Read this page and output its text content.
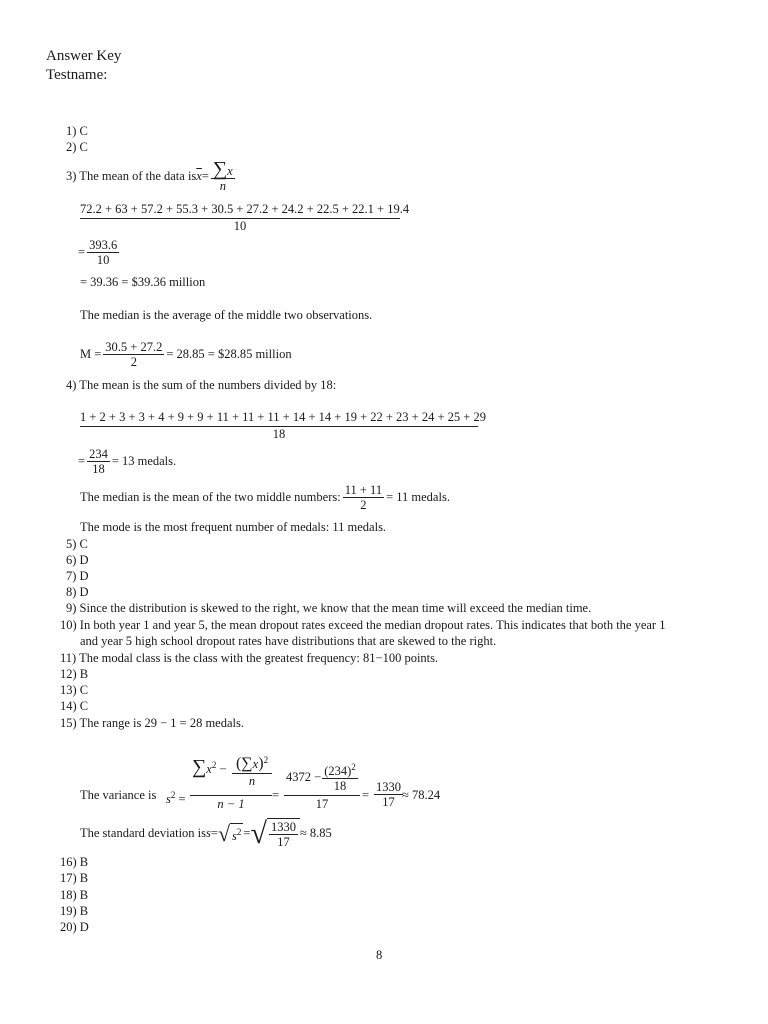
Answer Key
Testname:
1) C
2) C
3) The mean of the data is $\overline{x} = \frac{\sum x}{n}$
72.2 + 63 + 57.2 + 55.3 + 30.5 + 27.2 + 24.2 + 22.5 + 22.1 + 19.4
10
= $\frac{393.6}{10}$
= 39.36 = $39.36 million
The median is the average of the middle two observations.
$M = \frac{30.5 + 27.2}{2} = 28.85$ = $28.85 million
4) The mean is the sum of the numbers divided by 18:
1 + 2 + 3 + 3 + 4 + 9 + 9 + 11 + 11 + 11 + 14 + 14 + 19 + 22 + 23 + 24 + 25 + 29
18
= $\frac{234}{18} = 13$ medals.
The median is the mean of the two middle numbers: $\frac{11 + 11}{2} = 11$ medals.
The mode is the most frequent number of medals: 11 medals.
5) C
6) D
7) D
8) D
9) Since the distribution is skewed to the right, we know that the mean time will exceed the median time.
10) In both year 1 and year 5, the mean dropout rates exceed the median dropout rates. This indicates that both the year 1
and year 5 high school dropout rates have distributions that are skewed to the right.
11) The modal class is the class with the greatest frequency: 81−100 points.
12) B
13) C
14) C
15) The range is 29 − 1 = 28 medals.
The variance is $s^2$ =
$\sum x^2 - (\sum x)^2$
n
n − 1
=
$4372 - (234)^2$
18
17
=
1330
17 ≈ 78.24
The standard deviation is s = √ $s^2$ = √ $\frac{1330}{17} \approx 8.85$
16) B
17) B
18) B
19) B
20) D
8
